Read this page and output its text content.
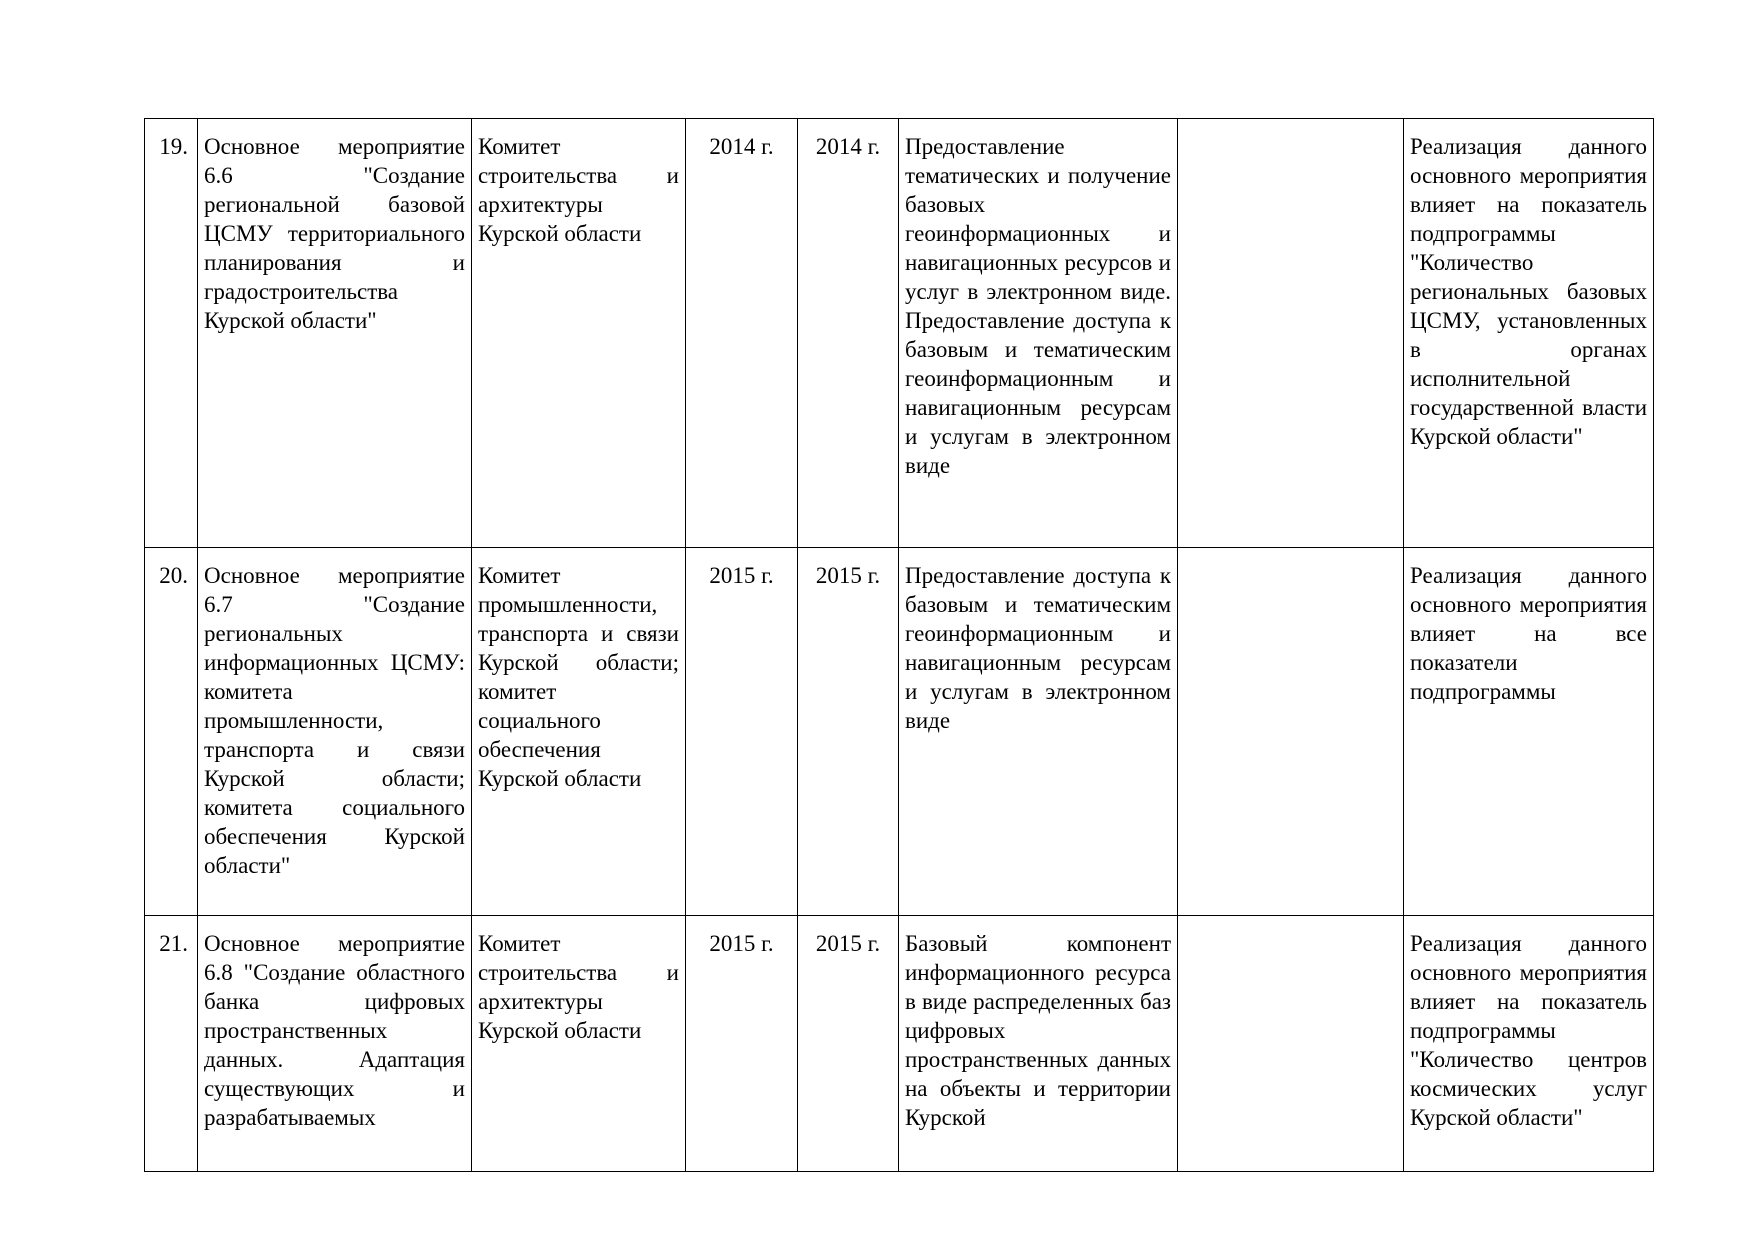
19.	Основное мероприятие 6.6 "Создание региональной базовой ЦСМУ территориального планирования и градостроительства Курской области"	Комитет строительства и архитектуры Курской области	2014 г.	2014 г.	Предоставление тематических и получение базовых геоинформационных и навигационных ресурсов и услуг в электронном виде. Предоставление доступа к базовым и тематическим геоинформационным и навигационным ресурсам и услугам в электронном виде		Реализация данного основного мероприятия влияет на показатель подпрограммы "Количество региональных базовых ЦСМУ, установленных в органах исполнительной государственной власти Курской области"
20.	Основное мероприятие 6.7 "Создание региональных информационных ЦСМУ: комитета промышленности, транспорта и связи Курской области; комитета социального обеспечения Курской области"	Комитет промышленности, транспорта и связи Курской области; комитет социального обеспечения Курской области	2015 г.	2015 г.	Предоставление доступа к базовым и тематическим геоинформационным и навигационным ресурсам и услугам в электронном виде		Реализация данного основного мероприятия влияет на все показатели подпрограммы
21.	Основное мероприятие 6.8 "Создание областного банка цифровых пространственных данных. Адаптация существующих и разрабатываемых	Комитет строительства и архитектуры Курской области	2015 г.	2015 г.	Базовый компонент информационного ресурса в виде распределенных баз цифровых пространственных данных на объекты и территории Курской		Реализация данного основного мероприятия влияет на показатель подпрограммы "Количество центров космических услуг Курской области"
